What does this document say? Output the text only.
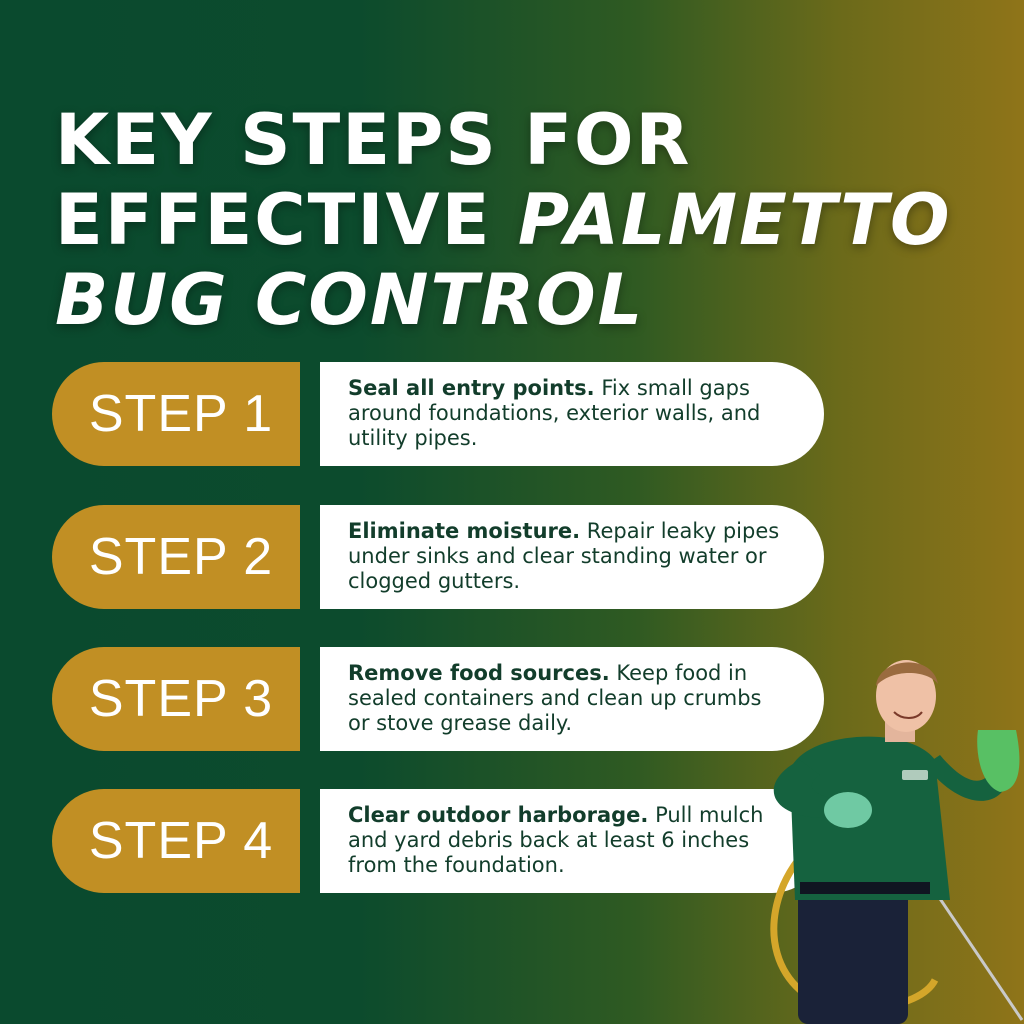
KEY STEPS FOR
EFFECTIVE PALMETTO
BUG CONTROL
STEP 1	Seal all entry points. Fix small gaps around foundations, exterior walls, and utility pipes.
STEP 2	Eliminate moisture. Repair leaky pipes under sinks and clear standing water or clogged gutters.
STEP 3	Remove food sources. Keep food in sealed containers and clean up crumbs or stove grease daily.
STEP 4	Clear outdoor harborage. Pull mulch and yard debris back at least 6 inches from the foundation.
